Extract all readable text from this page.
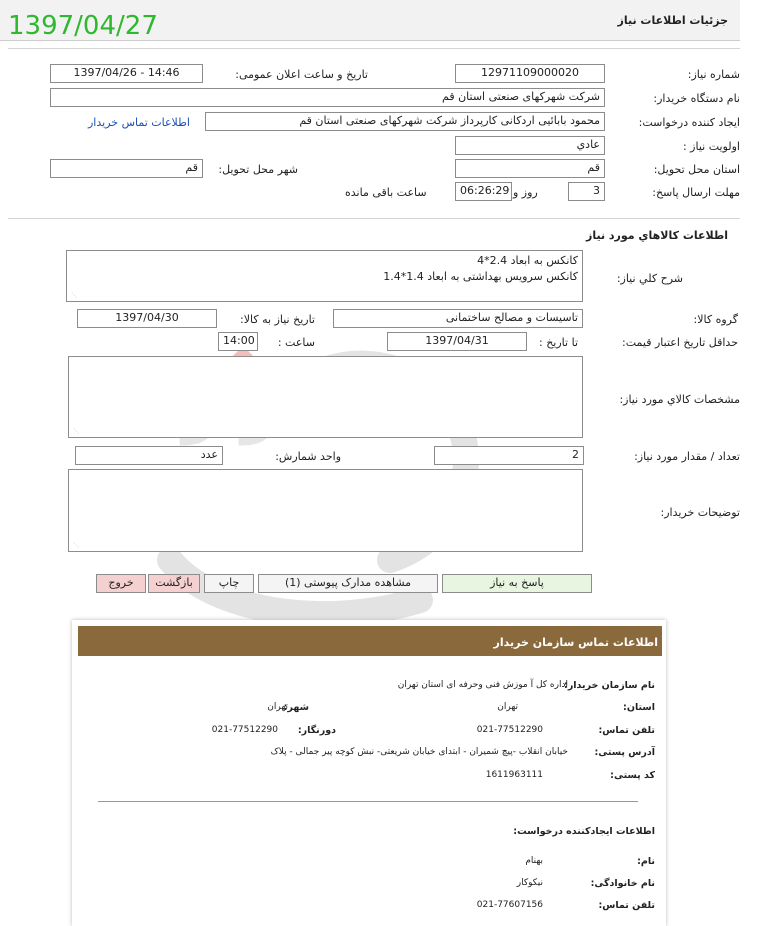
جزئیات اطلاعات نیاز
1397/04/27
شماره نیاز:
1297110900002​0
تاریخ و ساعت اعلان عمومی:
1397/04/26 - 14:46
نام دستگاه خریدار:
شرکت شهرکهای صنعتی استان قم
ایجاد کننده درخواست:
محمود بابائیی اردکانی کارپرداز شرکت شهرکهای صنعتی استان قم
اطلاعات تماس خریدار
اولویت نیاز :
عادي
استان محل تحویل:
قم
شهر محل تحویل:
قم
مهلت ارسال پاسخ:
3
روز و
06:26:29
ساعت باقی مانده
اطلاعات کالاهاي مورد نیاز
شرح کلي نیاز:
کانکس به ابعاد 2.4*4
کانکس سرویس بهداشتی به ابعاد 1.4*1.4
⋰
گروه کالا:
تاسیسات و مصالح ساختمانی
تاریخ نیاز به کالا:
1397/04/30
حداقل تاریخ اعتبار قیمت:
تا تاریخ :
1397/04/31
ساعت :
14:00
مشخصات کالاي مورد نیاز:
⋰
تعداد / مقدار مورد نیاز:
2
واحد شمارش:
عدد
توضیحات خریدار:
⋰
پاسخ به نیاز
مشاهده مدارک پیوستی (1)
چاپ
بازگشت
خروج
اطلاعات تماس سازمان خریدار
نام سازمان خریدار:
اداره کل آ موزش فنی وحرفه ای استان تهران
استان:
تهران
شهر:
تهران
تلفن تماس:
021-77512290
دورنگار:
021-77512290
آدرس پستی:
خیابان انقلاب -پیچ شمیران - ابتدای خیابان شریعتی- نبش کوچه پیر جمالی - پلاک
کد پستی:
1611963111
اطلاعات ایجادکننده درخواست:
نام:
بهنام
نام خانوادگی:
نیکوکار
تلفن تماس:
021-77607156
